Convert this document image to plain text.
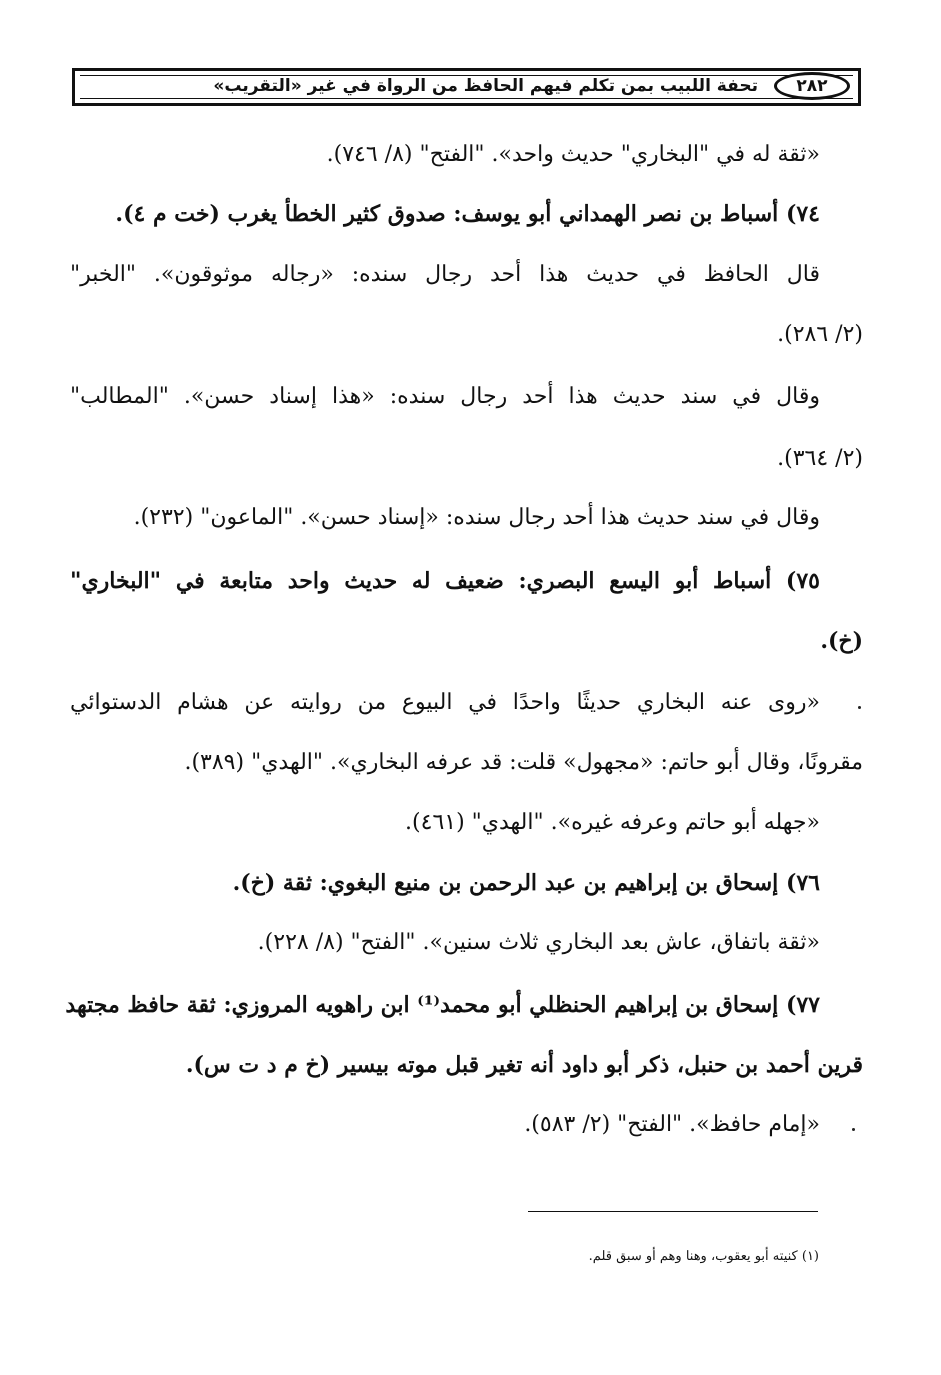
٢٨٢
تحفة اللبيب بمن تكلم فيهم الحافظ من الرواة في غير «التقريب»
«ثقة له في "البخاري" حديث واحد». "الفتح" (٨/ ٧٤٦).
٧٤) أسباط بن نصر الهمداني أبو يوسف: صدوق كثير الخطأ يغرب (خت م ٤).
قال الحافظ في حديث هذا أحد رجال سنده: «رجاله موثوقون». "الخبر"
(٢/ ٢٨٦).
وقال في سند حديث هذا أحد رجال سنده: «هذا إسناد حسن». "المطالب"
(٢/ ٣٦٤).
وقال في سند حديث هذا أحد رجال سنده: «إسناد حسن». "الماعون" (٢٣٢).
٧٥) أسباط أبو اليسع البصري: ضعيف له حديث واحد متابعة في "البخاري"
(خ).
«روى عنه البخاري حديثًا واحدًا في البيوع من روايته عن هشام الدستوائي
مقرونًا، وقال أبو حاتم: «مجهول» قلت: قد عرفه البخاري». "الهدي" (٣٨٩).
«جهله أبو حاتم وعرفه غيره». "الهدي" (٤٦١).
٧٦) إسحاق بن إبراهيم بن عبد الرحمن بن منيع البغوي: ثقة (خ).
«ثقة باتفاق، عاش بعد البخاري ثلاث سنين». "الفتح" (٨/ ٢٢٨).
٧٧) إسحاق بن إبراهيم الحنظلي أبو محمد⁽¹⁾ ابن راهويه المروزي: ثقة حافظ مجتهد
قرين أحمد بن حنبل، ذكر أبو داود أنه تغير قبل موته بيسير (خ م د ت س).
«إمام حافظ». "الفتح" (٢/ ٥٨٣).
(١) كنيته أبو يعقوب، وهنا وهم أو سبق قلم.
